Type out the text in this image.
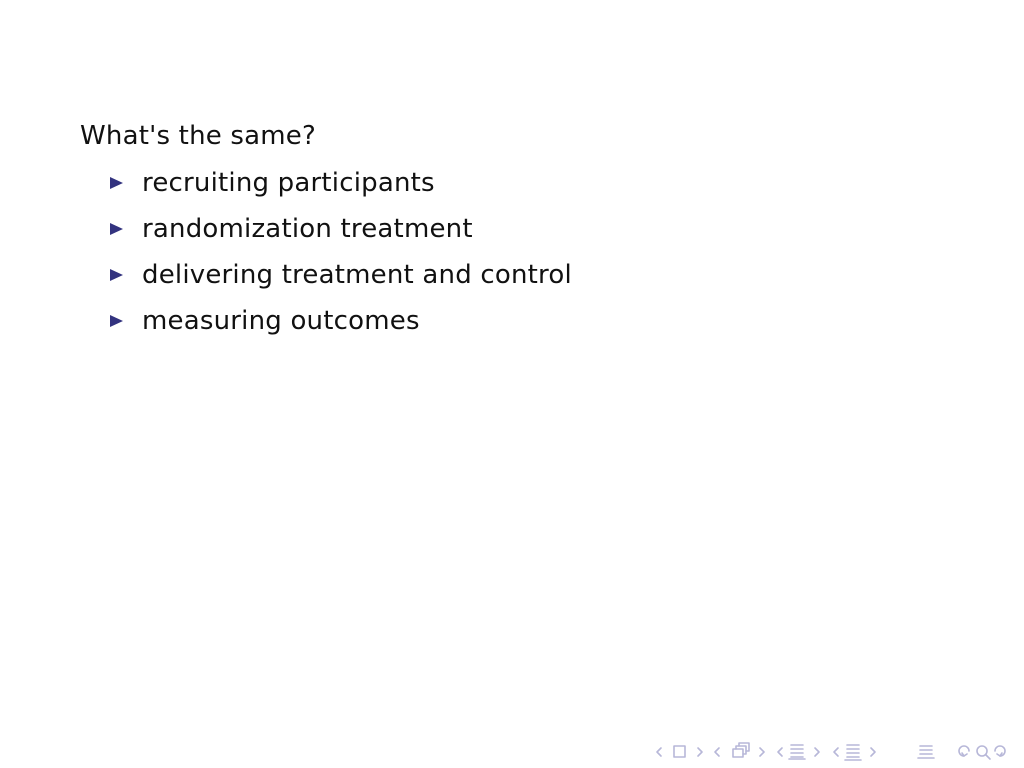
What's the same?
recruiting participants
randomization treatment
delivering treatment and control
measuring outcomes
